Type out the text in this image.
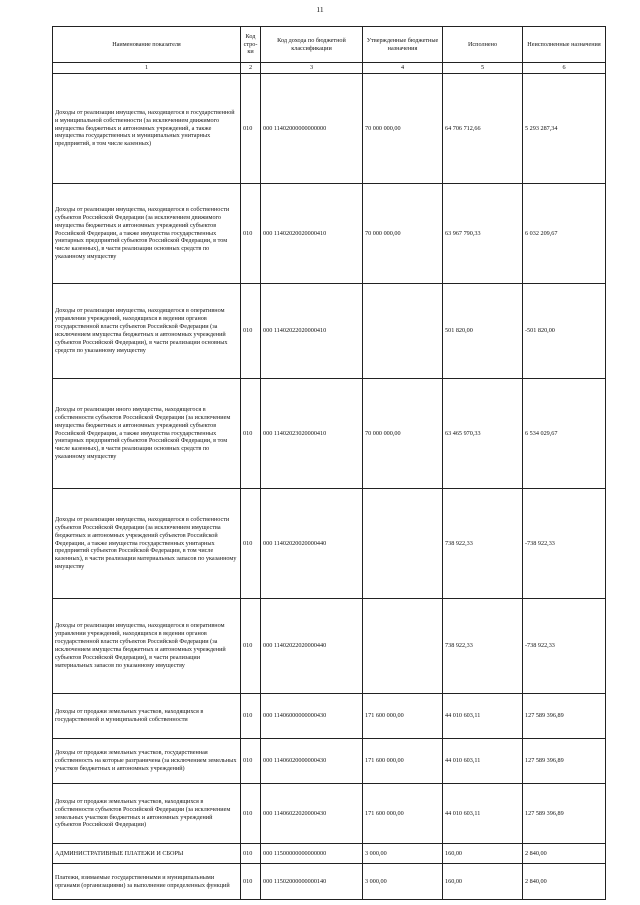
11
Наименование показателя	Код стро-ки	Код дохода по бюджетной классификации	Утвержденные бюджетные назначения	Исполнено	Неисполненные назначения
1	2	3	4	5	6
Доходы от реализации имущества, находящегося в государственной и муниципальной собственности (за исключением движимого имущества бюджетных и автономных учреждений, а также имущества государственных и муниципальных унитарных предприятий, в том числе казенных)	010	000 11402000000000000	70 000 000,00	64 706 712,66	5 293 287,34
Доходы от реализации имущества, находящегося в собственности субъектов Российской Федерации (за исключением движимого имущества бюджетных и автономных учреждений субъектов Российской Федерации, а также имущества государственных унитарных предприятий субъектов Российской Федерации, в том числе казенных), в части реализации основных средств по указанному имуществу	010	000 11402020020000410	70 000 000,00	63 967 790,33	6 032 209,67
Доходы от реализации имущества, находящегося в оперативном управлении учреждений, находящихся в ведении органов государственной власти субъектов Российской Федерации (за исключением имущества бюджетных и автономных учреждений субъектов Российской Федерации), в части реализации основных средств по указанному имуществу	010	000 11402022020000410		501 820,00	-501 820,00
Доходы от реализации иного имущества, находящегося в собственности субъектов Российской Федерации (за исключением имущества бюджетных и автономных учреждений субъектов Российской Федерации, а также имущества государственных унитарных предприятий субъектов Российской Федерации, в том числе казенных), в части реализации основных средств по указанному имуществу	010	000 11402023020000410	70 000 000,00	63 465 970,33	6 534 029,67
Доходы от реализации имущества, находящегося в собственности субъектов Российской Федерации (за исключением имущества бюджетных и автономных учреждений субъектов Российской Федерации, а также имущества государственных унитарных предприятий субъектов Российской Федерации, в том числе казенных), в части реализации материальных запасов по указанному имуществу	010	000 11402020020000440		738 922,33	-738 922,33
Доходы от реализации имущества, находящегося в оперативном управлении учреждений, находящихся в ведении органов государственной власти субъектов Российской Федерации (за исключением имущества бюджетных и автономных учреждений субъектов Российской Федерации), в части реализации материальных запасов по указанному имуществу	010	000 11402022020000440		738 922,33	-738 922,33
Доходы от продажи земельных участков, находящихся в государственной и муниципальной собственности	010	000 11406000000000430	171 600 000,00	44 010 603,11	127 589 396,89
Доходы от продажи земельных участков, государственная собственность на которые разграничена (за исключением земельных участков бюджетных и автономных учреждений)	010	000 11406020000000430	171 600 000,00	44 010 603,11	127 589 396,89
Доходы от продажи земельных участков, находящихся в собственности субъектов Российской Федерации (за исключением земельных участков бюджетных и автономных учреждений субъектов Российской Федерации)	010	000 11406022020000430	171 600 000,00	44 010 603,11	127 589 396,89
АДМИНИСТРАТИВНЫЕ ПЛАТЕЖИ И СБОРЫ	010	000 11500000000000000	3 000,00	160,00	2 840,00
Платежи, взимаемые государственными и муниципальными органами (организациями) за выполнение определенных функций	010	000 11502000000000140	3 000,00	160,00	2 840,00
